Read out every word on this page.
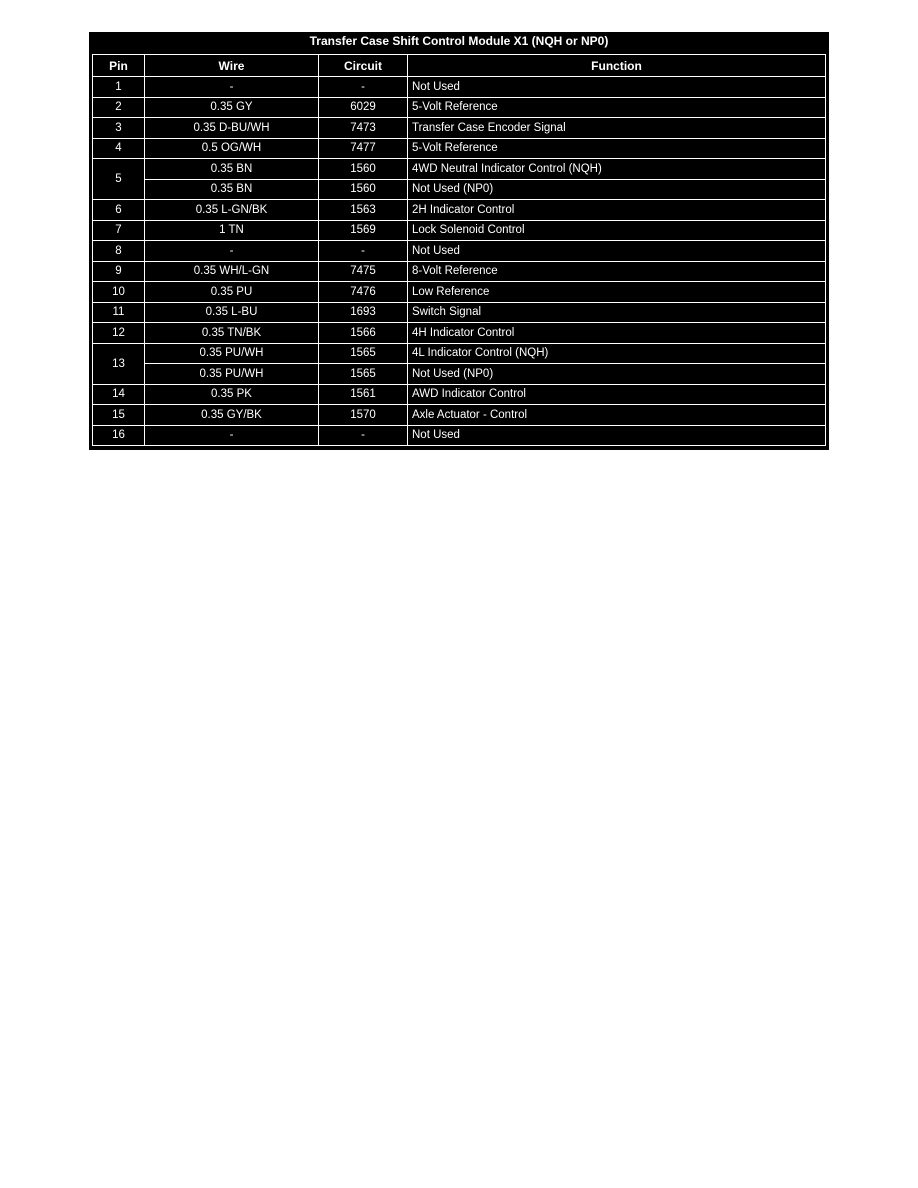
Transfer Case Shift Control Module X1 (NQH or NP0)
Pin	Wire	Circuit	Function
1	-	-	Not Used
2	0.35 GY	6029	5-Volt Reference
3	0.35 D-BU/WH	7473	Transfer Case Encoder Signal
4	0.5 OG/WH	7477	5-Volt Reference
5	0.35 BN	1560	4WD Neutral Indicator Control (NQH)
	0.35 BN	1560	Not Used (NP0)
6	0.35 L-GN/BK	1563	2H Indicator Control
7	1 TN	1569	Lock Solenoid Control
8	-	-	Not Used
9	0.35 WH/L-GN	7475	8-Volt Reference
10	0.35 PU	7476	Low Reference
11	0.35 L-BU	1693	Switch Signal
12	0.35 TN/BK	1566	4H Indicator Control
13	0.35 PU/WH	1565	4L Indicator Control (NQH)
	0.35 PU/WH	1565	Not Used (NP0)
14	0.35 PK	1561	AWD Indicator Control
15	0.35 GY/BK	1570	Axle Actuator - Control
16	-	-	Not Used
